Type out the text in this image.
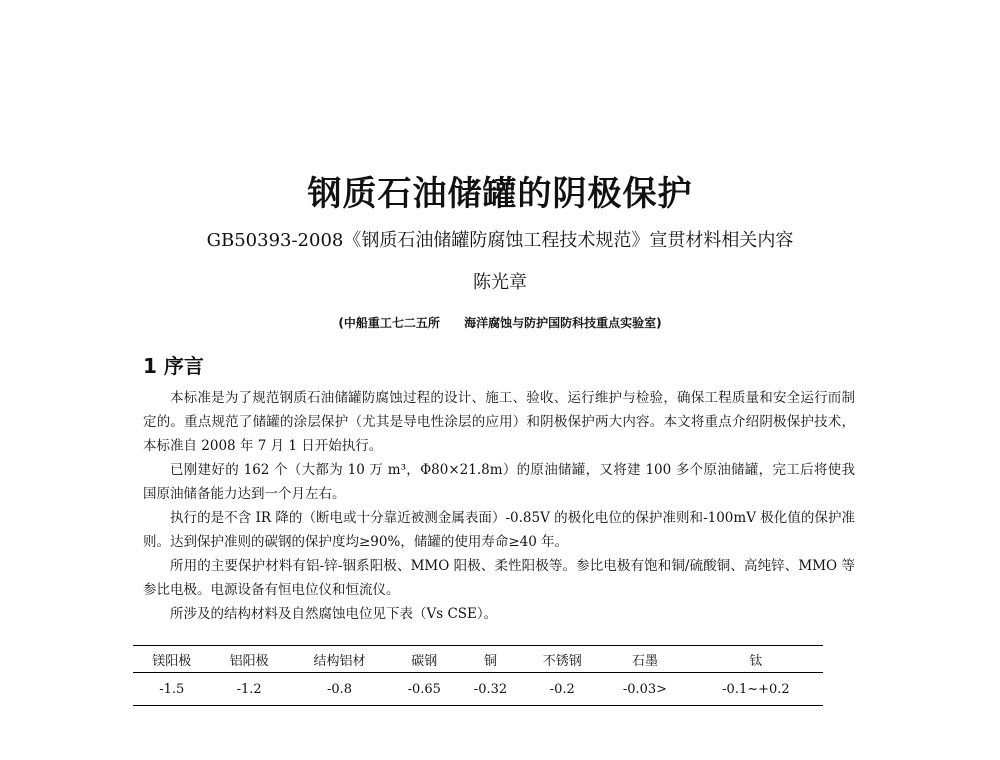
钢质石油储罐的阴极保护
GB50393-2008《钢质石油储罐防腐蚀工程技术规范》宣贯材料相关内容
陈光章
(中船重工七二五所 海洋腐蚀与防护国防科技重点实验室)
1 序言

本标准是为了规范钢质石油储罐防腐蚀过程的设计、施工、验收、运行维护与检验，确保工程质量和安全运行而制定的。重点规范了储罐的涂层保护（尤其是导电性涂层的应用）和阴极保护两大内容。本文将重点介绍阴极保护技术，本标准自 2008 年 7 月 1 日开始执行。

已刚建好的 162 个（大都为 10 万 m³，Φ80×21.8m）的原油储罐，又将建 100 多个原油储罐，完工后将使我国原油储备能力达到一个月左右。

执行的是不含 IR 降的（断电或十分靠近被测金属表面）-0.85V 的极化电位的保护准则和-100mV 极化值的保护准则。达到保护准则的碳钢的保护度均≥90%，储罐的使用寿命≥40 年。

所用的主要保护材料有铝-锌-铟系阳极、MMO 阳极、柔性阳极等。参比电极有饱和铜/硫酸铜、高纯锌、MMO 等参比电极。电源设备有恒电位仪和恒流仪。

所涉及的结构材料及自然腐蚀电位见下表（Vs CSE）。

镁阳极	铝阳极	结构铝材	碳钢	铜	不锈钢	石墨	钛
-1.5	-1.2	-0.8	-0.65	-0.32	-0.2	-0.03>	-0.1~+0.2
